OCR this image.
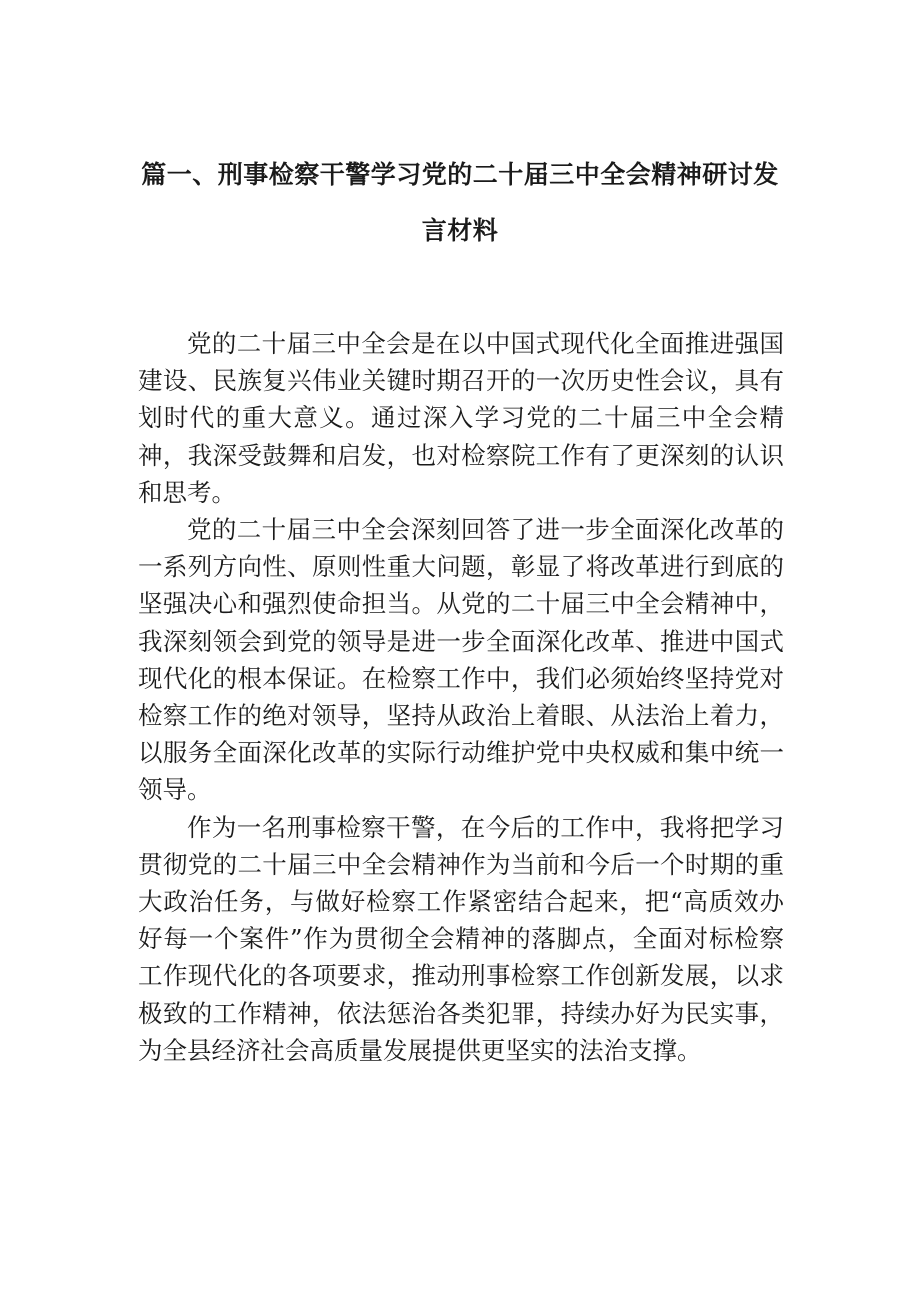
篇一、刑事检察干警学习党的二十届三中全会精神研讨发
言材料

党的二十届三中全会是在以中国式现代化全面推进强国建设、民族复兴伟业关键时期召开的一次历史性会议，具有划时代的重大意义。通过深入学习党的二十届三中全会精神，我深受鼓舞和启发，也对检察院工作有了更深刻的认识和思考。

党的二十届三中全会深刻回答了进一步全面深化改革的一系列方向性、原则性重大问题，彰显了将改革进行到底的坚强决心和强烈使命担当。从党的二十届三中全会精神中，我深刻领会到党的领导是进一步全面深化改革、推进中国式现代化的根本保证。在检察工作中，我们必须始终坚持党对检察工作的绝对领导，坚持从政治上着眼、从法治上着力，以服务全面深化改革的实际行动维护党中央权威和集中统一领导。

作为一名刑事检察干警，在今后的工作中，我将把学习贯彻党的二十届三中全会精神作为当前和今后一个时期的重大政治任务，与做好检察工作紧密结合起来，把“高质效办好每一个案件”作为贯彻全会精神的落脚点，全面对标检察工作现代化的各项要求，推动刑事检察工作创新发展，以求极致的工作精神，依法惩治各类犯罪，持续办好为民实事，为全县经济社会高质量发展提供更坚实的法治支撑。
